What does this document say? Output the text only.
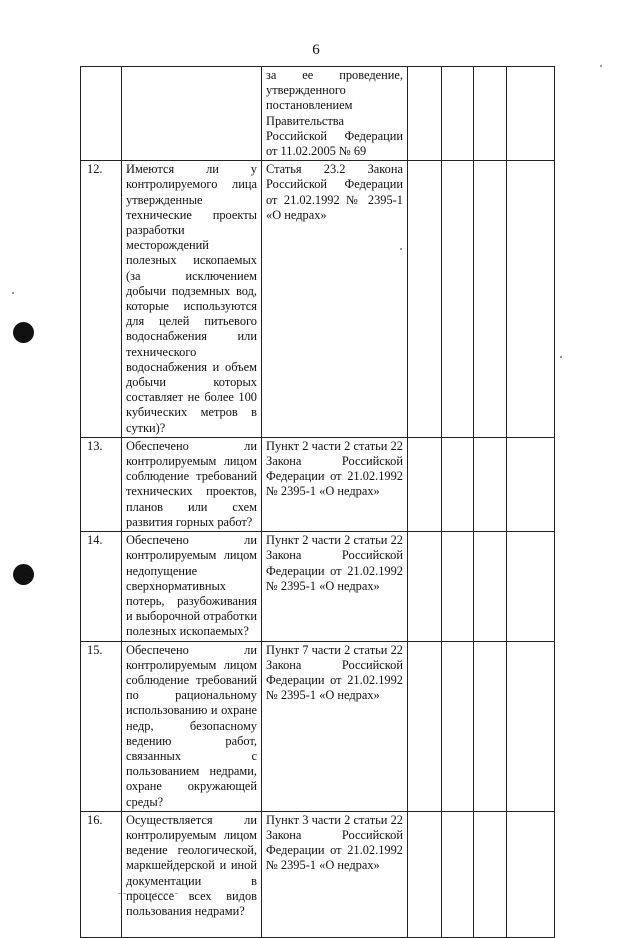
6
		за ее проведение, утвержденного постановлением Правительства Российской Федерации от 11.02.2005 № 69				
12.	Имеются ли у контролируемого лица утвержденные технические проекты разработки месторождений полезных ископаемых (за исключением добычи подземных вод, которые используются для целей питьевого водоснабжения или технического водоснабжения и объем добычи которых составляет не более 100 кубических метров в сутки)?	Статья 23.2 Закона Российской Федерации от 21.02.1992 № 2395-1 «О недрах»				
13.	Обеспечено ли контролируемым лицом соблюдение требований технических проектов, планов или схем развития горных работ?	Пункт 2 части 2 статьи 22 Закона Российской Федерации от 21.02.1992 № 2395-1 «О недрах»				
14.	Обеспечено ли контролируемым лицом недопущение сверхнормативных потерь, разубоживания и выборочной отработки полезных ископаемых?	Пункт 2 части 2 статьи 22 Закона Российской Федерации от 21.02.1992 № 2395-1 «О недрах»				
15.	Обеспечено ли контролируемым лицом соблюдение требований по рациональному использованию и охране недр, безопасному ведению работ, связанных с пользованием недрами, охране окружающей среды?	Пункт 7 части 2 статьи 22 Закона Российской Федерации от 21.02.1992 № 2395-1 «О недрах»				
16.	Осуществляется ли контролируемым лицом ведение геологической, маркшейдерской и иной документации в процессе всех видов пользования недрами?	Пункт 3 части 2 статьи 22 Закона Российской Федерации от 21.02.1992 № 2395-1 «О недрах»				
